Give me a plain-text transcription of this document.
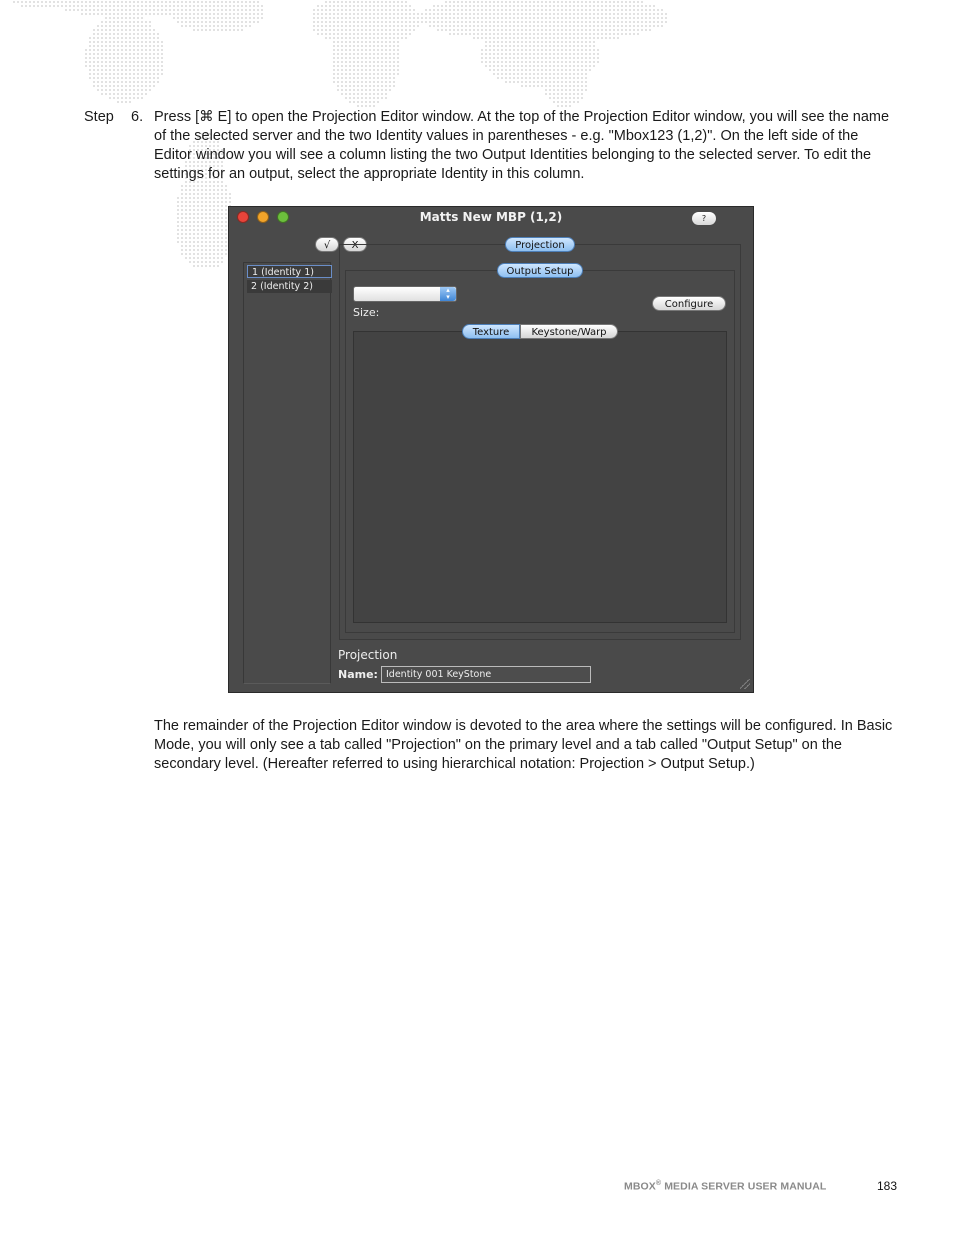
Step 6. Press [⌘ E] to open the Projection Editor window. At the top of the Projection Editor window, you will see the name of the selected server and the two Identity values in parentheses - e.g. "Mbox123 (1,2)". On the left side of the Editor window you will see a column listing the two Output Identities belonging to the selected server. To edit the settings for an output, select the appropriate Identity in this column.

Matts New MBP (1,2)	?
√	X	Projection
1 (Identity 1)
2 (Identity 2)
Output Setup
▴
▾
Configure
Size:
Texture	Keystone/Warp
Projection
Name: Identity 001 KeyStone

The remainder of the Projection Editor window is devoted to the area where the settings will be configured. In Basic Mode, you will only see a tab called "Projection" on the primary level and a tab called "Output Setup" on the secondary level. (Hereafter referred to using hierarchical notation: Projection > Output Setup.)

MBOX® MEDIA SERVER USER MANUAL	183
